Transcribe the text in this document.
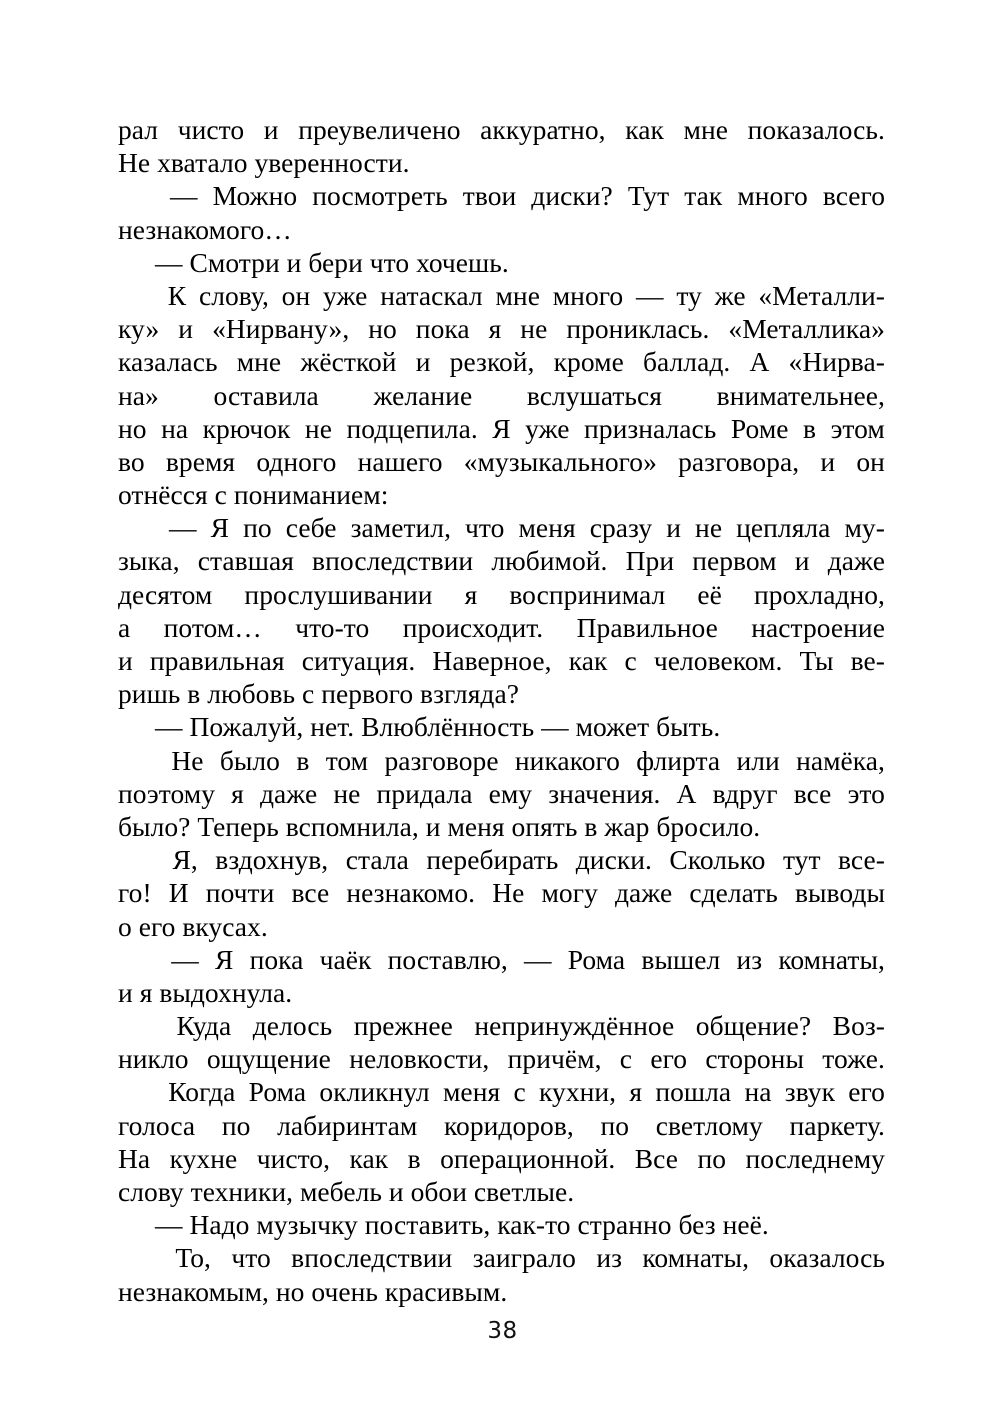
рал чисто и преувеличено аккуратно, как мне показалось.
Не хватало уверенности.
— Можно посмотреть твои диски? Тут так много всего
незнакомого…
— Смотри и бери что хочешь.
К слову, он уже натаскал мне много — ту же «Металли-
ку» и «Нирвану», но пока я не прониклась. «Металлика»
казалась мне жёсткой и резкой, кроме баллад. А «Нирва-
на» оставила желание вслушаться внимательнее,
но на крючок не подцепила. Я уже призналась Роме в этом
во время одного нашего «музыкального» разговора, и он
отнёсся с пониманием:
— Я по себе заметил, что меня сразу и не цепляла му-
зыка, ставшая впоследствии любимой. При первом и даже
десятом прослушивании я воспринимал её прохладно,
а потом… что-то происходит. Правильное настроение
и правильная ситуация. Наверное, как с человеком. Ты ве-
ришь в любовь с первого взгляда?
— Пожалуй, нет. Влюблённость — может быть.
Не было в том разговоре никакого флирта или намёка,
поэтому я даже не придала ему значения. А вдруг все это
было? Теперь вспомнила, и меня опять в жар бросило.
Я, вздохнув, стала перебирать диски. Сколько тут все-
го! И почти все незнакомо. Не могу даже сделать выводы
о его вкусах.
— Я пока чаёк поставлю, — Рома вышел из комнаты,
и я выдохнула.
Куда делось прежнее непринуждённое общение? Воз-
никло ощущение неловкости, причём, с его стороны тоже.
Когда Рома окликнул меня с кухни, я пошла на звук его
голоса по лабиринтам коридоров, по светлому паркету.
На кухне чисто, как в операционной. Все по последнему
слову техники, мебель и обои светлые.
— Надо музычку поставить, как-то странно без неё.
То, что впоследствии заиграло из комнаты, оказалось
незнакомым, но очень красивым.
38
